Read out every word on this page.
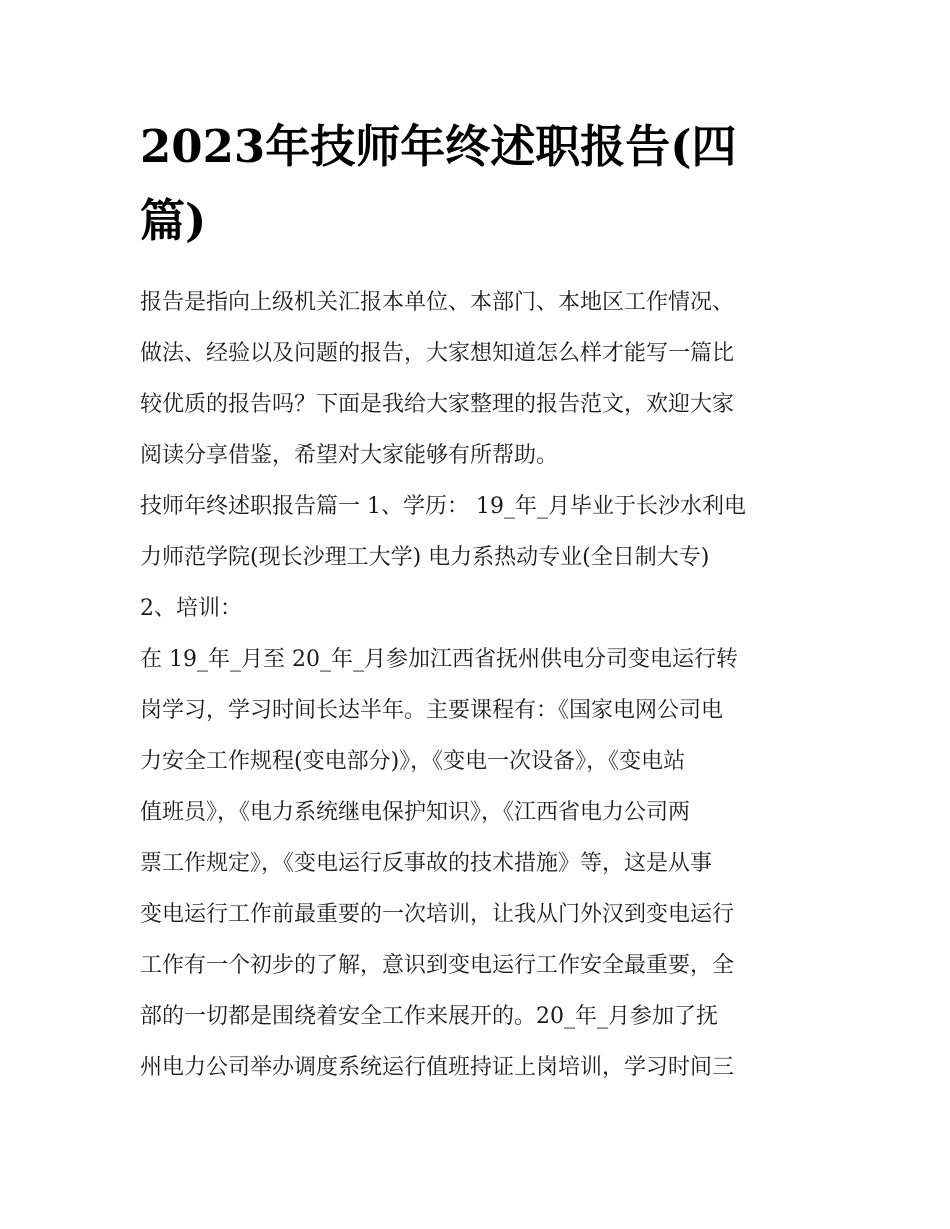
2023年技师年终述职报告(四
篇)
报告是指向上级机关汇报本单位、本部门、本地区工作情况、
做法、经验以及问题的报告，大家想知道怎么样才能写一篇比
较优质的报告吗？下面是我给大家整理的报告范文，欢迎大家
阅读分享借鉴，希望对大家能够有所帮助。
技师年终述职报告篇一 1、学历： 19_年_月毕业于长沙水利电
力师范学院(现长沙理工大学) 电力系热动专业(全日制大专)
2、培训：
在 19_年_月至 20_年_月参加江西省抚州供电分司变电运行转
岗学习，学习时间长达半年。主要课程有：《国家电网公司电
力安全工作规程(变电部分)》，《变电一次设备》，《变电站
值班员》，《电力系统继电保护知识》，《江西省电力公司两
票工作规定》，《变电运行反事故的技术措施》等，这是从事
变电运行工作前最重要的一次培训，让我从门外汉到变电运行
工作有一个初步的了解，意识到变电运行工作安全最重要，全
部的一切都是围绕着安全工作来展开的。20_年_月参加了抚
州电力公司举办调度系统运行值班持证上岗培训，学习时间三
